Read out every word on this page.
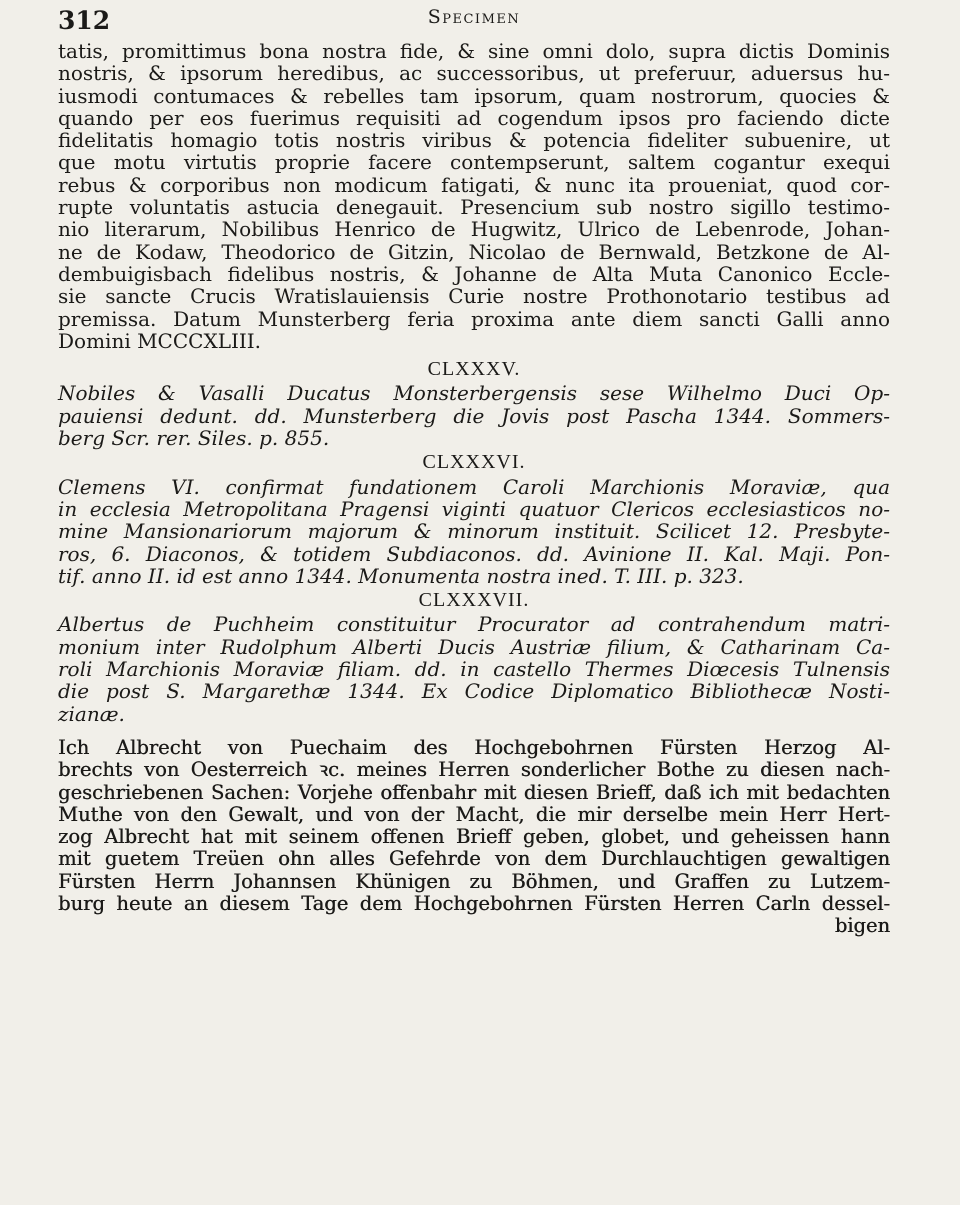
312	Specimen
tatis, promittimus bona nostra fide, & sine omni dolo, supra dictis Dominis
nostris, & ipsorum heredibus, ac successoribus, ut preferuur, aduersus hu-
iusmodi contumaces & rebelles tam ipsorum, quam nostrorum, quocies &
quando per eos fuerimus requisiti ad cogendum ipsos pro faciendo dicte
fidelitatis homagio totis nostris viribus & potencia fideliter subuenire, ut
que motu virtutis proprie facere contempserunt, saltem cogantur exequi
rebus & corporibus non modicum fatigati, & nunc ita proueniat, quod cor-
rupte voluntatis astucia denegauit. Presencium sub nostro sigillo testimo-
nio literarum, Nobilibus Henrico de Hugwitz, Ulrico de Lebenrode, Johan-
ne de Kodaw, Theodorico de Gitzin, Nicolao de Bernwald, Betzkone de Al-
dembuigisbach fidelibus nostris, & Johanne de Alta Muta Canonico Eccle-
sie sancte Crucis Wratislauiensis Curie nostre Prothonotario testibus ad
premissa. Datum Munsterberg feria proxima ante diem sancti Galli anno
Domini MCCCXLIII.
CLXXXV.
Nobiles & Vasalli Ducatus Monsterbergensis sese Wilhelmo Duci Op-
pauiensi dedunt. dd. Munsterberg die Jovis post Pascha 1344. Sommers-
berg Scr. rer. Siles. p. 855.
CLXXXVI.
Clemens VI. confirmat fundationem Caroli Marchionis Moraviæ, qua
in ecclesia Metropolitana Pragensi viginti quatuor Clericos ecclesiasticos no-
mine Mansionariorum majorum & minorum instituit. Scilicet 12. Presbyte-
ros, 6. Diaconos, & totidem Subdiaconos. dd. Avinione II. Kal. Maji. Pon-
tif. anno II. id est anno 1344. Monumenta nostra ined. T. III. p. 323.
CLXXXVII.
Albertus de Puchheim constituitur Procurator ad contrahendum matri-
monium inter Rudolphum Alberti Ducis Austriæ filium, & Catharinam Ca-
roli Marchionis Moraviæ filiam. dd. in castello Thermes Diœcesis Tulnensis
die post S. Margarethæ 1344. Ex Codice Diplomatico Bibliothecæ Nosti-
zianæ.
Ich Albrecht von Puechaim des Hochgebohrnen Fürsten Herzog Al-
brechts von Oesterreich ꝛc. meines Herren sonderlicher Bothe zu diesen nach-
geschriebenen Sachen: Vorjehe offenbahr mit diesen Brieff, daß ich mit bedachten
Muthe von den Gewalt, und von der Macht, die mir derselbe mein Herr Hert-
zog Albrecht hat mit seinem offenen Brieff geben, globet, und geheissen hann
mit guetem Treüen ohn alles Gefehrde von dem Durchlauchtigen gewaltigen
Fürsten Herrn Johannsen Khünigen zu Böhmen, und Graffen zu Lutzem-
burg heute an diesem Tage dem Hochgebohrnen Fürsten Herren Carln dessel-
bigen
